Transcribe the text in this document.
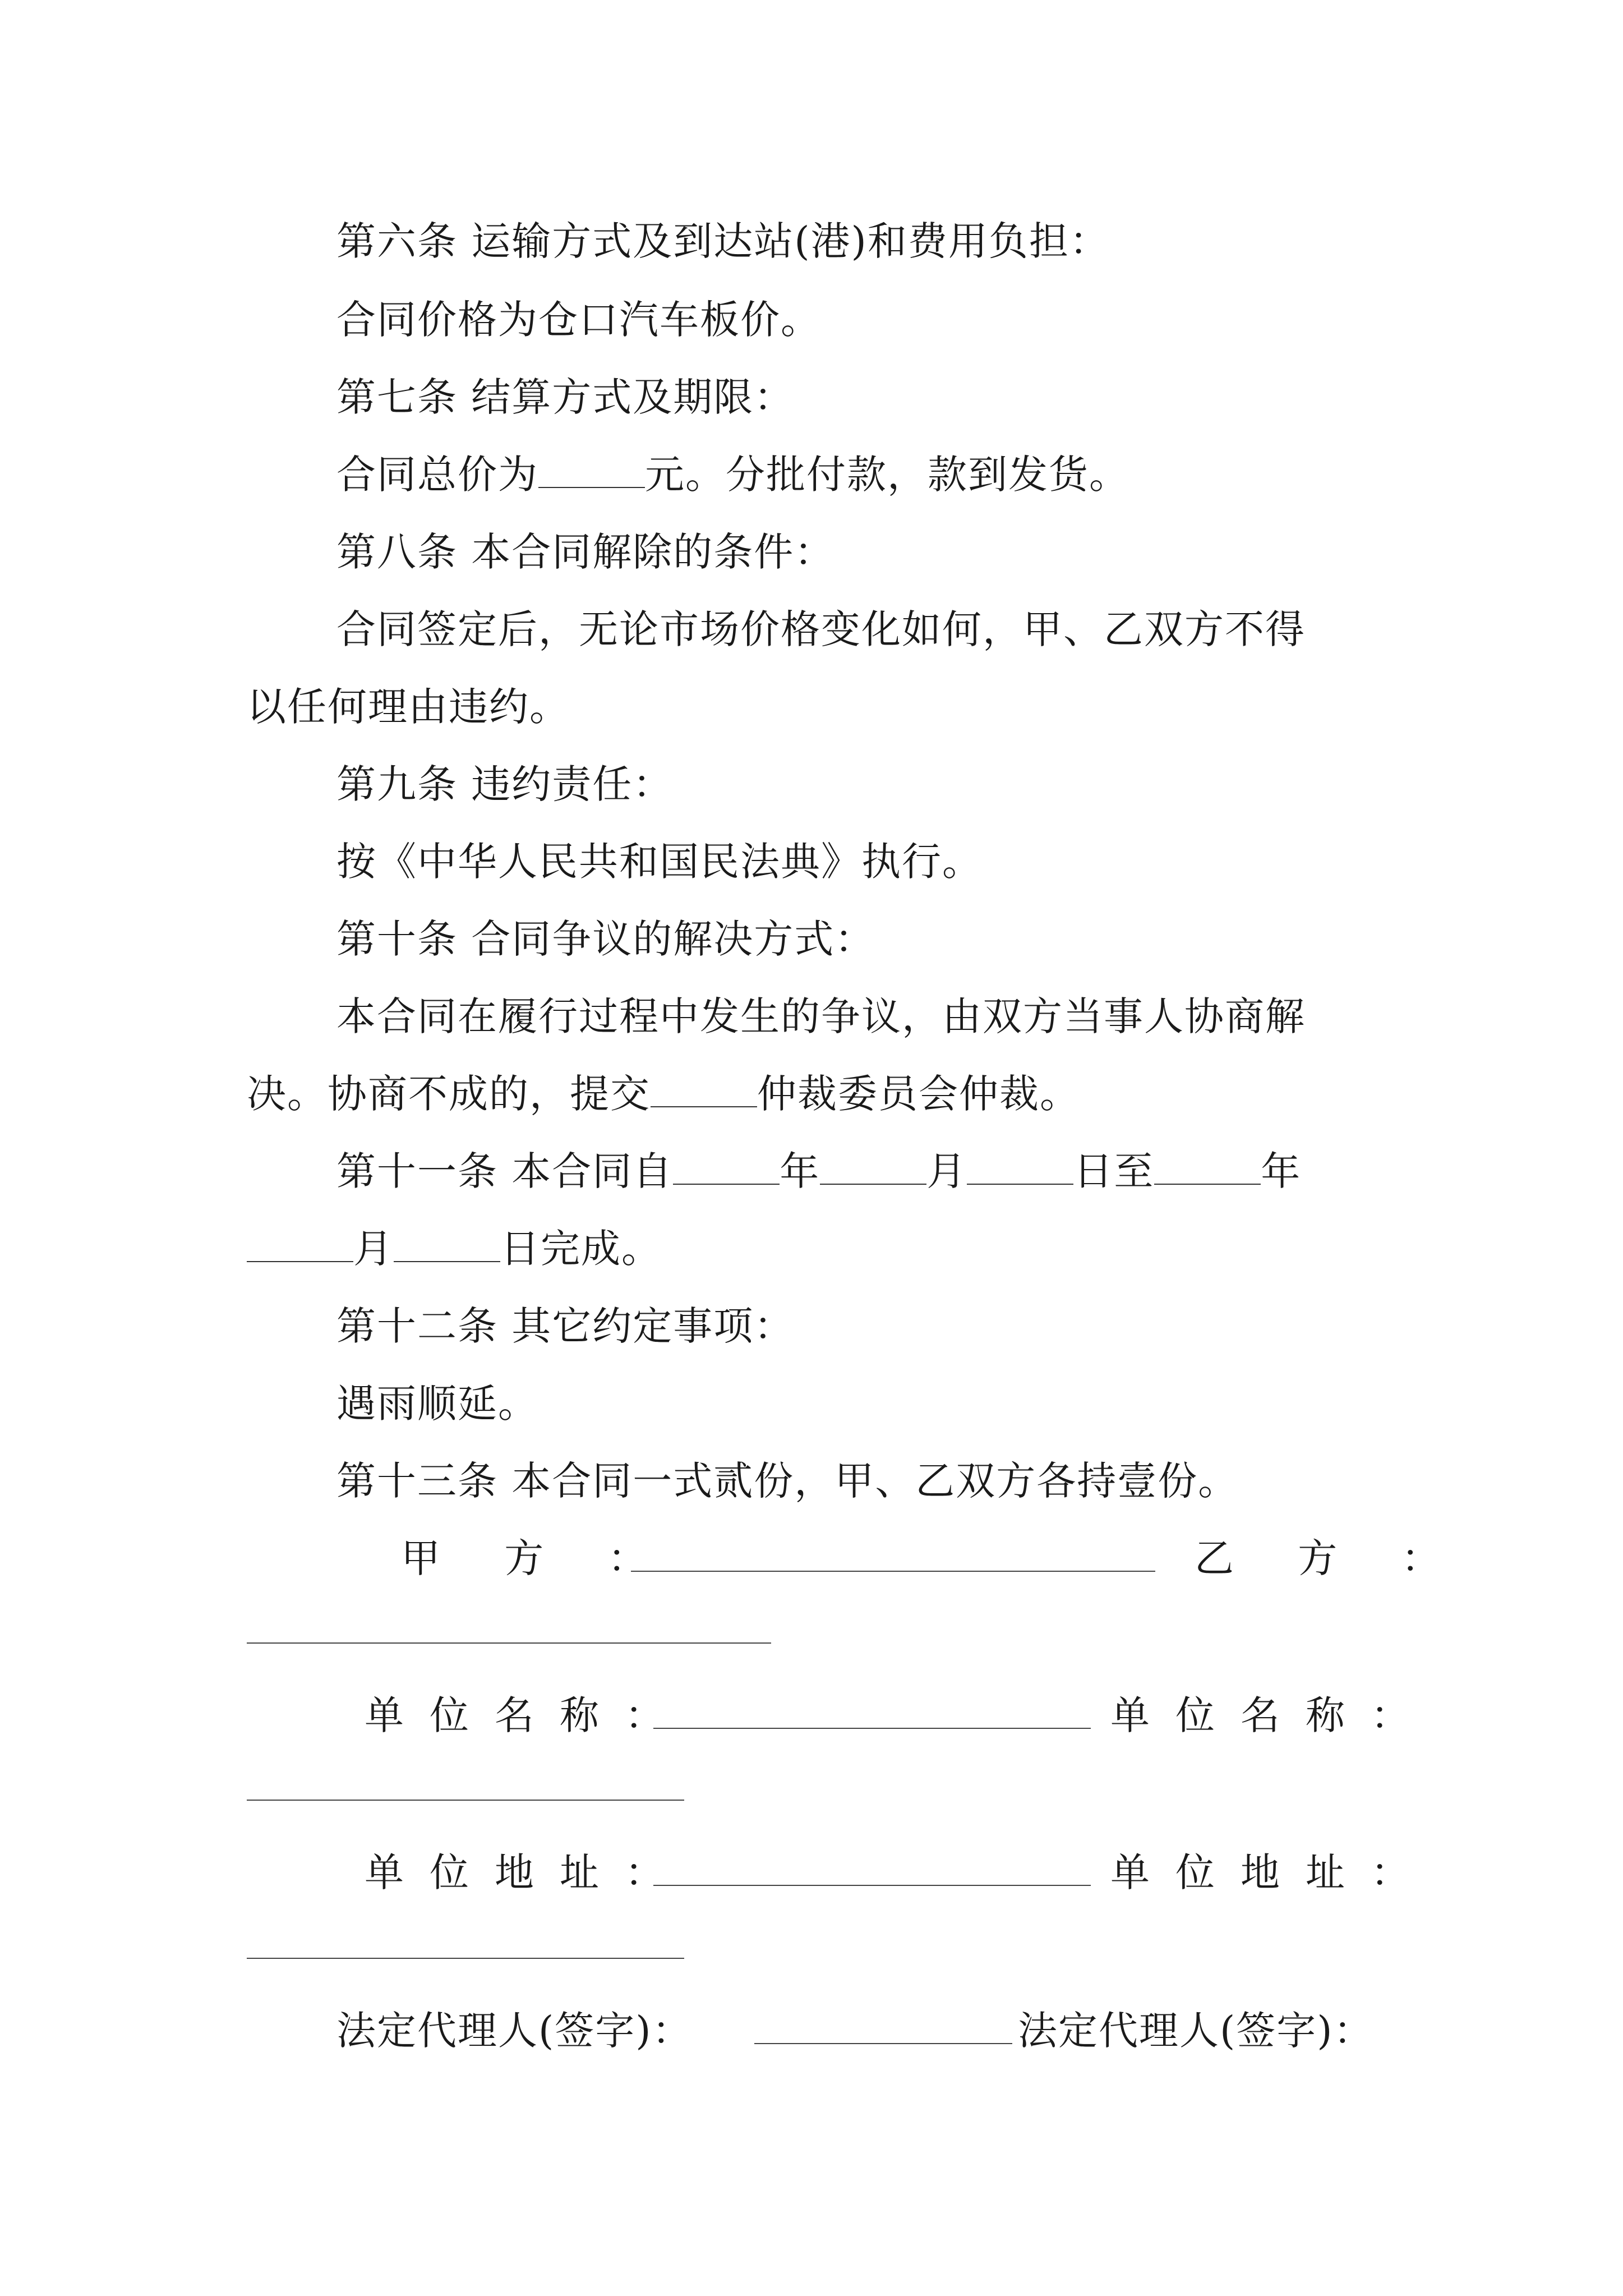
第六条 运输方式及到达站(港)和费用负担：
合同价格为仓口汽车板价。
第七条 结算方式及期限：
合同总价为	元。分批付款，款到发货。
第八条 本合同解除的条件：
合同签定后，无论市场价格变化如何，甲、乙双方不得
以任何理由违约。
第九条 违约责任：
按《中华人民共和国民法典》执行。
第十条 合同争议的解决方式：
本合同在履行过程中发生的争议，由双方当事人协商解
决。协商不成的，提交	仲裁委员会仲裁。
第十一条 本合同自	年	月	日至	年
月	日完成。
第十二条 其它约定事项：
遇雨顺延。
第十三条 本合同一式贰份，甲、乙双方各持壹份。
甲 方 ：	乙 方 ：
单位名称：	单位名称：
单位地址：	单位地址：
法定代理人(签字)：	法定代理人(签字)：
